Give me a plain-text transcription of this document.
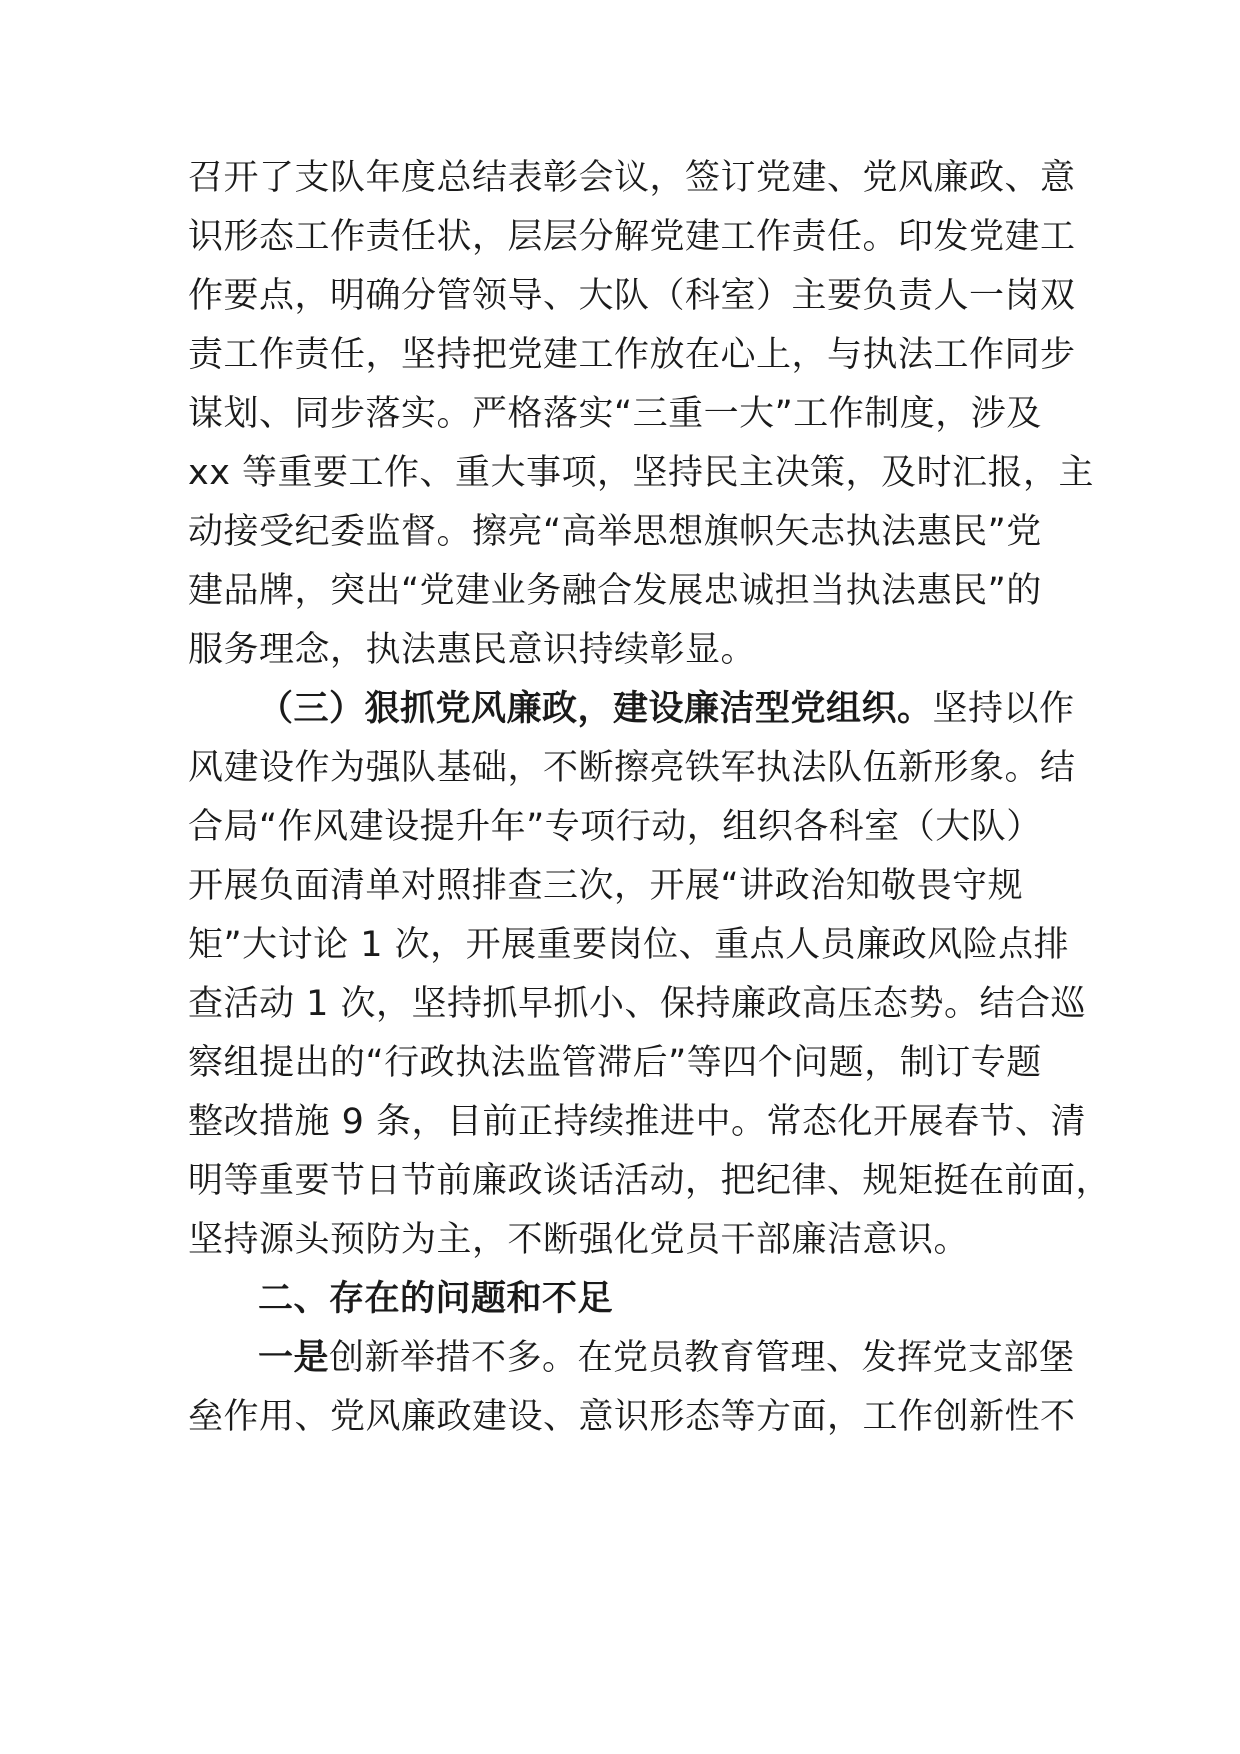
召开了支队年度总结表彰会议，签订党建、党风廉政、意
识形态工作责任状，层层分解党建工作责任。印发党建工
作要点，明确分管领导、大队（科室）主要负责人一岗双
责工作责任，坚持把党建工作放在心上，与执法工作同步
谋划、同步落实。严格落实“三重一大”工作制度，涉及
xx 等重要工作、重大事项，坚持民主决策，及时汇报，主
动接受纪委监督。擦亮“高举思想旗帜矢志执法惠民”党
建品牌，突出“党建业务融合发展忠诚担当执法惠民”的
服务理念，执法惠民意识持续彰显。
（三）狠抓党风廉政，建设廉洁型党组织。坚持以作
风建设作为强队基础，不断擦亮铁军执法队伍新形象。结
合局“作风建设提升年”专项行动，组织各科室（大队）
开展负面清单对照排查三次，开展“讲政治知敬畏守规
矩”大讨论 1 次，开展重要岗位、重点人员廉政风险点排
查活动 1 次，坚持抓早抓小、保持廉政高压态势。结合巡
察组提出的“行政执法监管滞后”等四个问题，制订专题
整改措施 9 条，目前正持续推进中。常态化开展春节、清
明等重要节日节前廉政谈话活动，把纪律、规矩挺在前面，
坚持源头预防为主，不断强化党员干部廉洁意识。
二、存在的问题和不足
一是创新举措不多。在党员教育管理、发挥党支部堡
垒作用、党风廉政建设、意识形态等方面，工作创新性不
